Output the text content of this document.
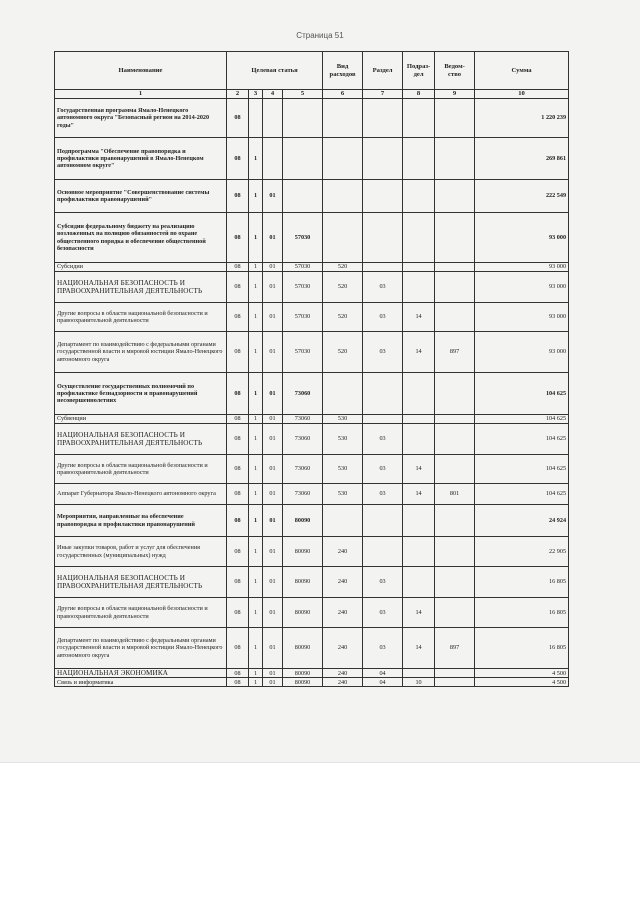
Страница 51
Наименование	Целевая статья				Вид расходов	Раздел	Подраз- дел	Ведом- ство	Сумма
1	2	3	4	5	6	7	8	9	10
Государственная программа Ямало-Ненецкого автономного округа "Безопасный регион на 2014-2020 годы"	08								1 220 239
Подпрограмма "Обеспечение правопорядка и профилактики правонарушений в Ямало-Ненецком автономном округе"	08	1							269 861
Основное мероприятие "Совершенствование системы профилактики правонарушений"	08	1	01						222 549
Субсидии федеральному бюджету на реализацию возложенных на полицию обязанностей по охране общественного порядка и обеспечение общественной безопасности	08	1	01	57030					93 000
Субсидии	08	1	01	57030	520				93 000
НАЦИОНАЛЬНАЯ БЕЗОПАСНОСТЬ И ПРАВООХРАНИТЕЛЬНАЯ ДЕЯТЕЛЬНОСТЬ	08	1	01	57030	520	03			93 000
Другие вопросы в области национальной безопасности и правоохранительной деятельности	08	1	01	57030	520	03	14		93 000
Департамент по взаимодействию с федеральными органами государственной власти и мировой юстиции Ямало-Ненецкого автономного округа	08	1	01	57030	520	03	14	897	93 000
Осуществление государственных полномочий по профилактике безнадзорности и правонарушений несовершеннолетних	08	1	01	73060					104 625
Субвенции	08	1	01	73060	530				104 625
НАЦИОНАЛЬНАЯ БЕЗОПАСНОСТЬ И ПРАВООХРАНИТЕЛЬНАЯ ДЕЯТЕЛЬНОСТЬ	08	1	01	73060	530	03			104 625
Другие вопросы в области национальной безопасности и правоохранительной деятельности	08	1	01	73060	530	03	14		104 625
Аппарат Губернатора Ямало-Ненецкого автономного округа	08	1	01	73060	530	03	14	801	104 625
Мероприятия, направленные на обеспечение правопорядка и профилактики правонарушений	08	1	01	80090					24 924
Иные закупки товаров, работ и услуг для обеспечения государственных (муниципальных) нужд	08	1	01	80090	240				22 905
НАЦИОНАЛЬНАЯ БЕЗОПАСНОСТЬ И ПРАВООХРАНИТЕЛЬНАЯ ДЕЯТЕЛЬНОСТЬ	08	1	01	80090	240	03			16 805
Другие вопросы в области национальной безопасности и правоохранительной деятельности	08	1	01	80090	240	03	14		16 805
Департамент по взаимодействию с федеральными органами государственной власти и мировой юстиции Ямало-Ненецкого автономного округа	08	1	01	80090	240	03	14	897	16 805
НАЦИОНАЛЬНАЯ ЭКОНОМИКА	08	1	01	80090	240	04			4 500
Связь и информатика	08	1	01	80090	240	04	10		4 500
